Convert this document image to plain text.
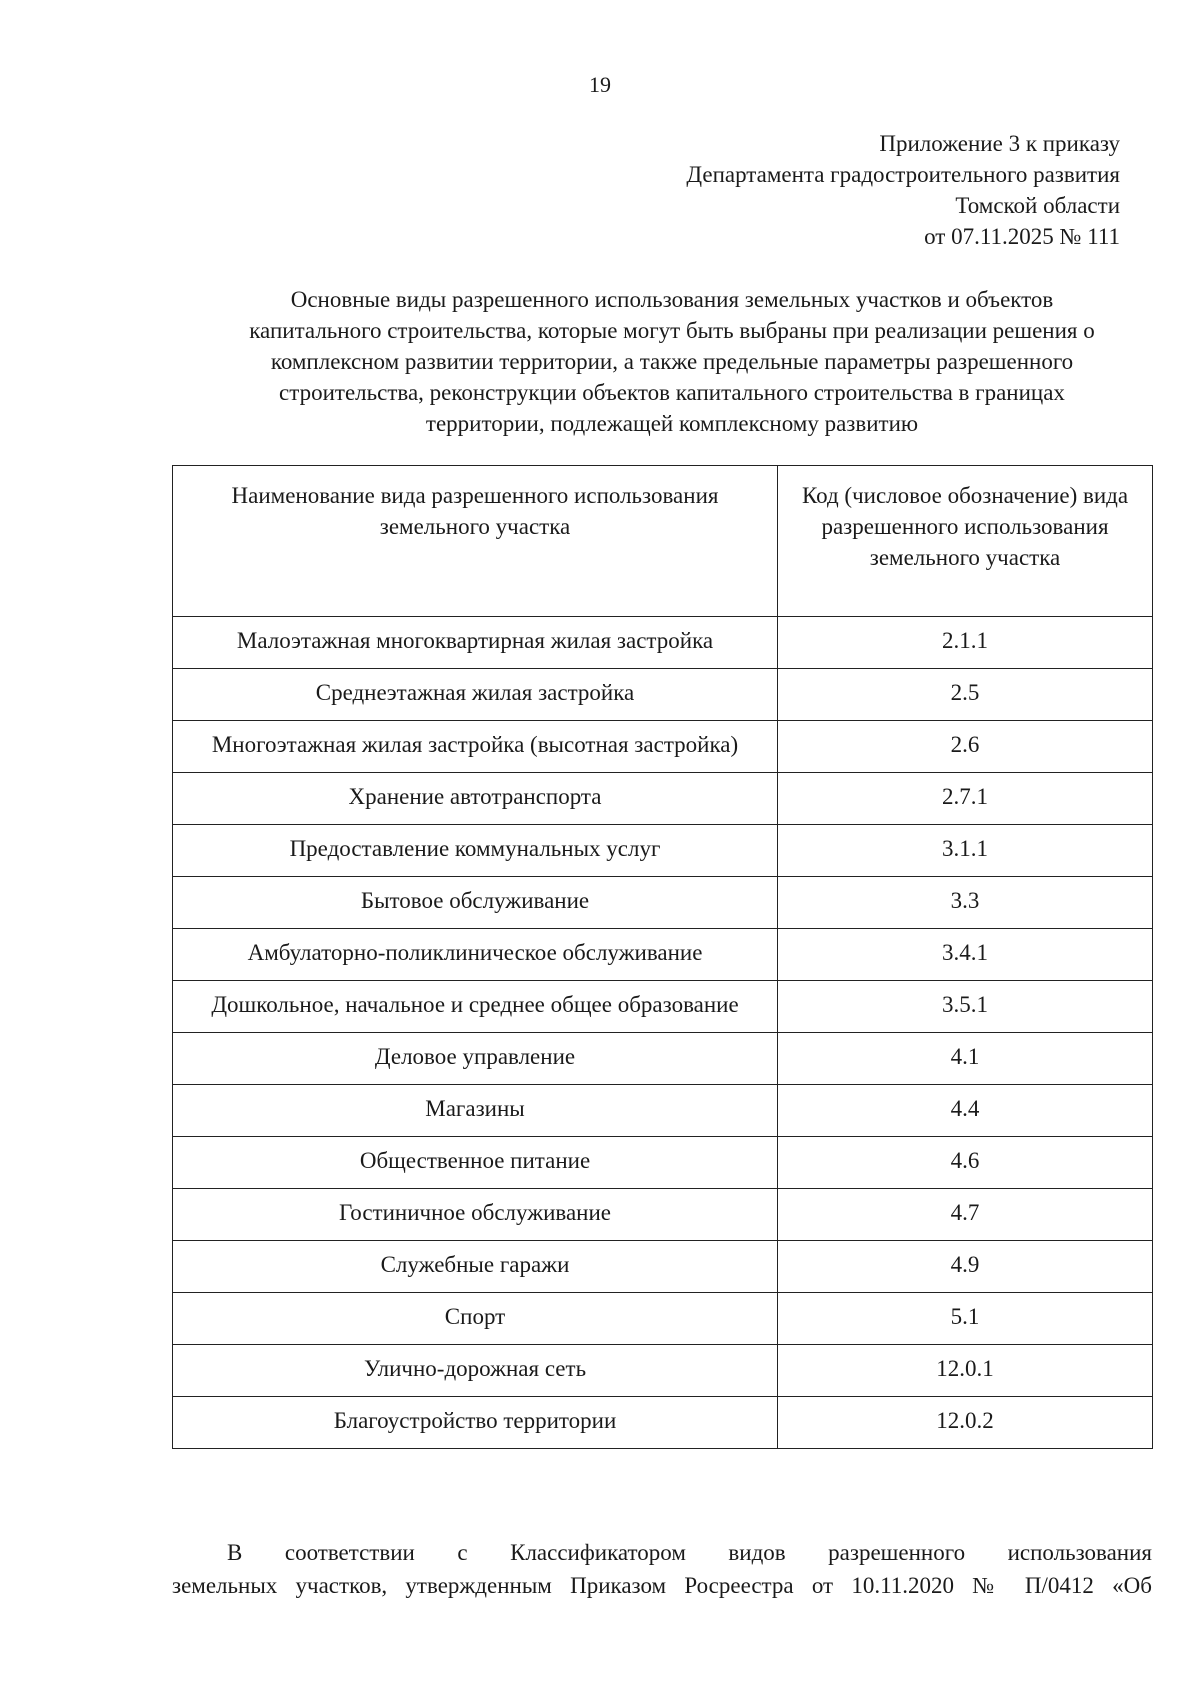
19
Приложение 3 к приказу
Департамента градостроительного развития
Томской области
от 07.11.2025 № 111
Основные виды разрешенного использования земельных участков и объектов
капитального строительства, которые могут быть выбраны при реализации решения о
комплексном развитии территории, а также предельные параметры разрешенного
строительства, реконструкции объектов капитального строительства в границах
территории, подлежащей комплексному развитию
Наименование вида разрешенного использования земельного участка	Код (числовое обозначение) вида разрешенного использования земельного участка
Малоэтажная многоквартирная жилая застройка	2.1.1
Среднеэтажная жилая застройка	2.5
Многоэтажная жилая застройка (высотная застройка)	2.6
Хранение автотранспорта	2.7.1
Предоставление коммунальных услуг	3.1.1
Бытовое обслуживание	3.3
Амбулаторно-поликлиническое обслуживание	3.4.1
Дошкольное, начальное и среднее общее образование	3.5.1
Деловое управление	4.1
Магазины	4.4
Общественное питание	4.6
Гостиничное обслуживание	4.7
Служебные гаражи	4.9
Спорт	5.1
Улично-дорожная сеть	12.0.1
Благоустройство территории	12.0.2
В соответствии с Классификатором видов разрешенного использования
земельных участков, утвержденным Приказом Росреестра от 10.11.2020 № П/0412 «Об
